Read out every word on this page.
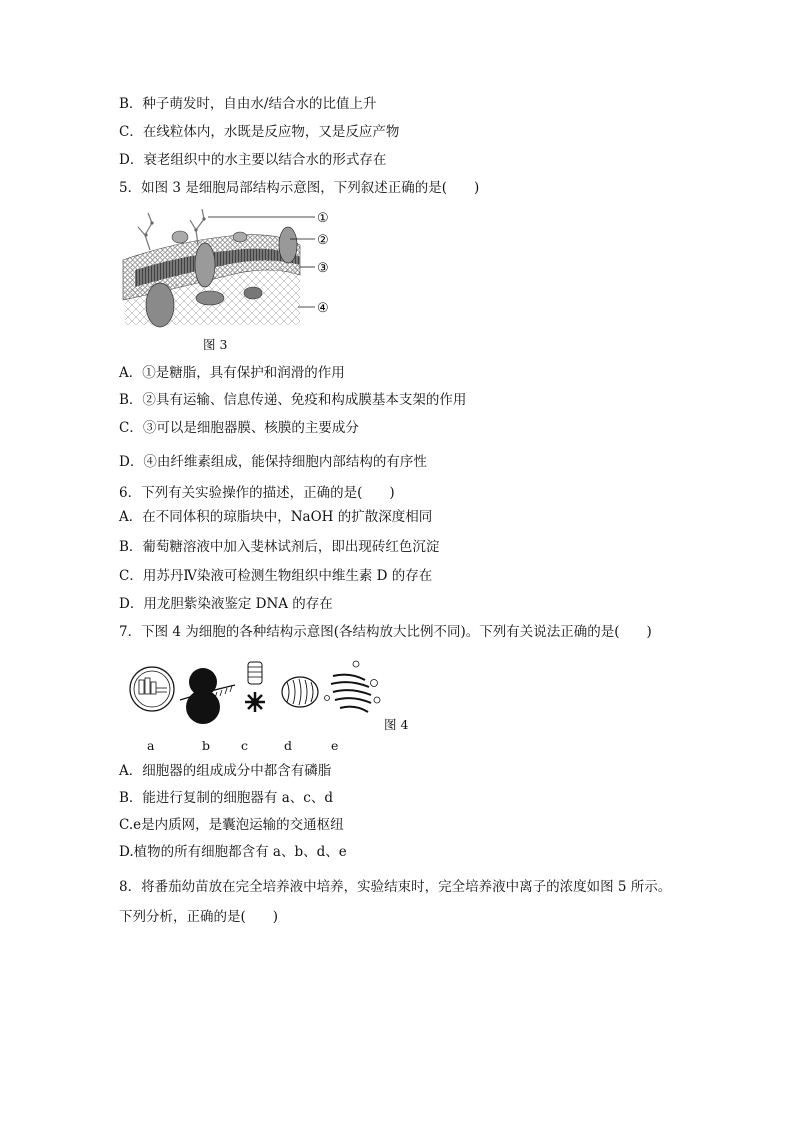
B．种子萌发时，自由水/结合水的比值上升
C．在线粒体内，水既是反应物，又是反应产物
D．衰老组织中的水主要以结合水的形式存在
5．如图 3 是细胞局部结构示意图，下列叙述正确的是(　　)
①
②
③
④
图 3
A．①是糖脂，具有保护和润滑的作用
B．②具有运输、信息传递、免疫和构成膜基本支架的作用
C．③可以是细胞器膜、核膜的主要成分
D．④由纤维素组成，能保持细胞内部结构的有序性
6．下列有关实验操作的描述，正确的是(　　)
A．在不同体积的琼脂块中，NaOH 的扩散深度相同
B．葡萄糖溶液中加入斐林试剂后，即出现砖红色沉淀
C．用苏丹Ⅳ染液可检测生物组织中维生素 D 的存在
D．用龙胆紫染液鉴定 DNA 的存在
7．下图 4 为细胞的各种结构示意图(各结构放大比例不同)。下列有关说法正确的是(　　)
图 4
a	b c	d	e
A．细胞器的组成成分中都含有磷脂
B．能进行复制的细胞器有 a、c、d
C.e是内质网，是囊泡运输的交通枢纽
D.植物的所有细胞都含有 a、b、d、e
8．将番茄幼苗放在完全培养液中培养，实验结束时，完全培养液中离子的浓度如图 5 所示。
下列分析，正确的是(　　)
